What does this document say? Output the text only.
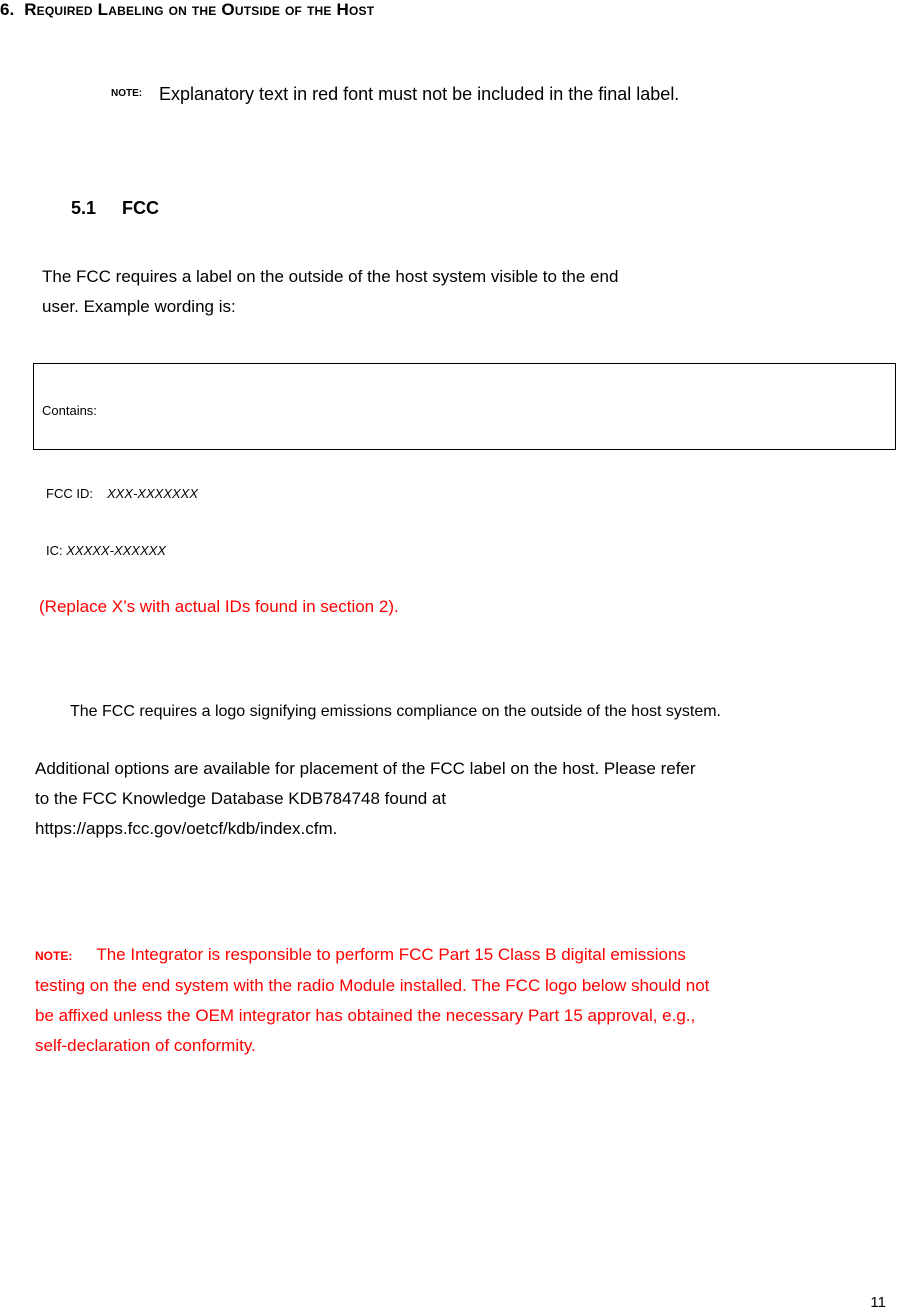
6. Required Labeling on the Outside of the Host
NOTE: Explanatory text in red font must not be included in the final label.
5.1 FCC
The FCC requires a label on the outside of the host system visible to the end
user. Example wording is:
Contains:
FCC ID: XXX-XXXXXXX
IC: XXXXX-XXXXXX
(Replace X’s with actual IDs found in section 2).
The FCC requires a logo signifying emissions compliance on the outside of the host system.
Additional options are available for placement of the FCC label on the host. Please refer
to the FCC Knowledge Database KDB784748 found at
https://apps.fcc.gov/oetcf/kdb/index.cfm.
NOTE: The Integrator is responsible to perform FCC Part 15 Class B digital emissions
testing on the end system with the radio Module installed. The FCC logo below should not
be affixed unless the OEM integrator has obtained the necessary Part 15 approval, e.g.,
self-declaration of conformity.
11
